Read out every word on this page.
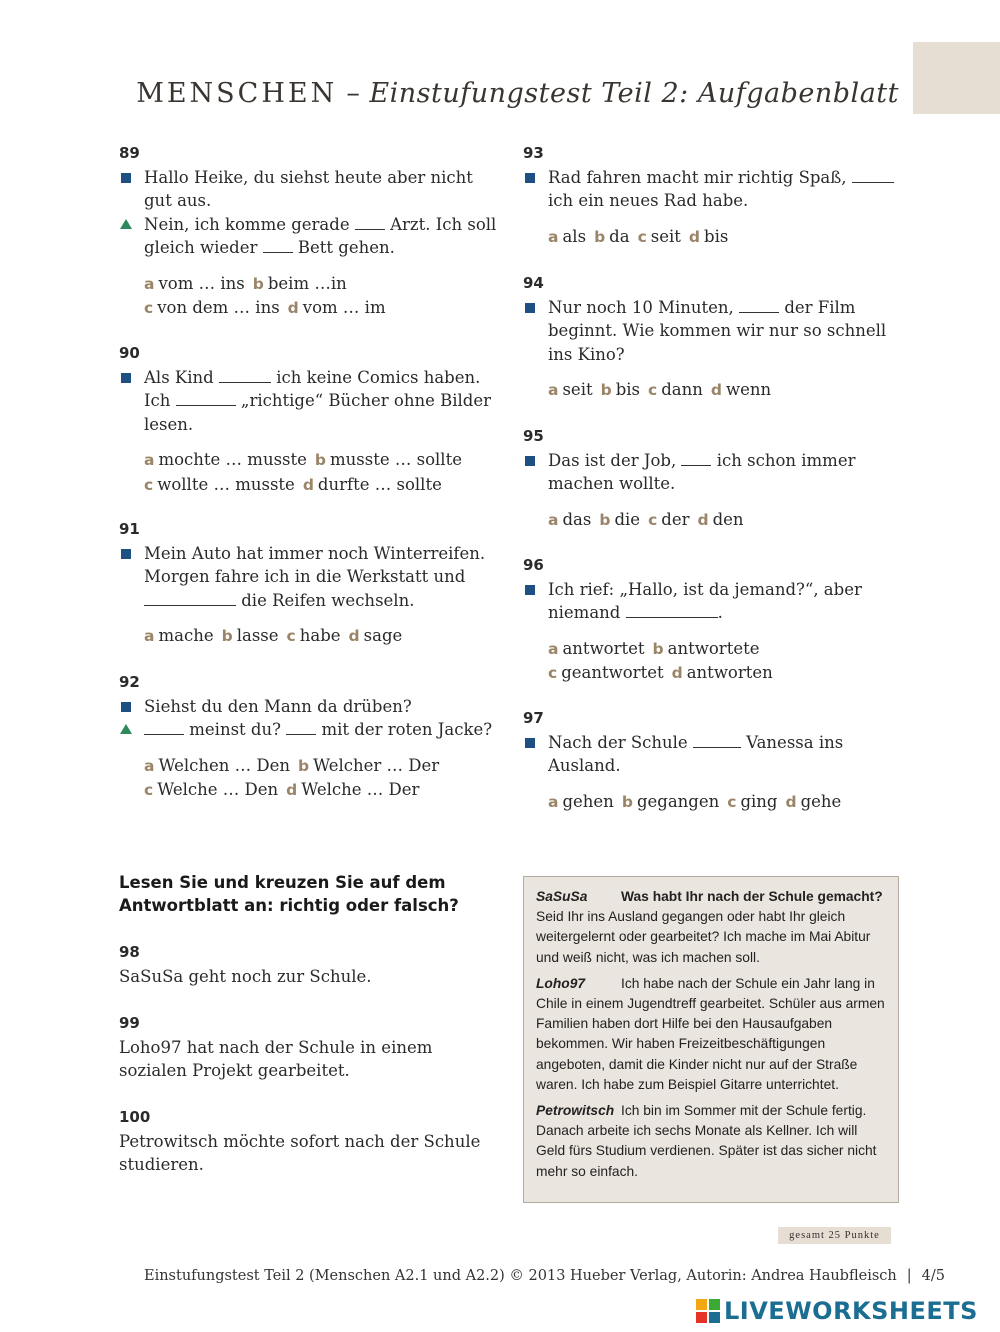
MENSCHEN – Einstufungstest Teil 2: Aufgabenblatt
89
Hallo Heike, du siehst heute aber nicht
gut aus.
Nein, ich komme gerade Arzt. Ich soll
gleich wieder Bett gehen.
a vom … ins b beim …in
c von dem … ins d vom … im
90
Als Kind	ich keine Comics haben.
Ich	„richtige“ Bücher ohne Bilder
lesen.
a mochte … musste b musste … sollte
c wollte … musste d durfte … sollte
91
Mein Auto hat immer noch Winterreifen.
Morgen fahre ich in die Werkstatt und
die Reifen wechseln.
a mache b lasse c habe d sage
92
Siehst du den Mann da drüben?
meinst du? mit der roten Jacke?
a Welchen … Den b Welcher … Der
c Welche … Den d Welche … Der
93
Rad fahren macht mir richtig Spaß,
ich ein neues Rad habe.
a als b da c seit d bis
94
Nur noch 10 Minuten,	der Film
beginnt. Wie kommen wir nur so schnell
ins Kino?
a seit b bis c dann d wenn
95
Das ist der Job, ich schon immer
machen wollte.
a das b die c der d den
96
Ich rief: „Hallo, ist da jemand?“, aber
niemand	.
a antwortet b antwortete
c geantwortet d antworten
97
Nach der Schule	Vanessa ins
Ausland.
a gehen b gegangen c ging d gehe
Lesen Sie und kreuzen Sie auf dem Antwortblatt an: richtig oder falsch?
98
SaSuSa geht noch zur Schule.
99
Loho97 hat nach der Schule in einem sozialen Projekt gearbeitet.
100
Petrowitsch möchte sofort nach der Schule studieren.
SaSuSa Was habt Ihr nach der Schule gemacht?
Seid Ihr ins Ausland gegangen oder habt Ihr gleich weitergelernt oder gearbeitet? Ich mache im Mai Abitur und weiß nicht, was ich machen soll.
Loho97	Ich habe nach der Schule ein Jahr lang in Chile in einem Jugendtreff gearbeitet. Schüler aus armen Familien haben dort Hilfe bei den Hausaufgaben bekommen. Wir haben Freizeitbeschäftigungen angeboten, damit die Kinder nicht nur auf der Straße waren. Ich habe zum Beispiel Gitarre unterrichtet.
Petrowitsch Ich bin im Sommer mit der Schule fertig. Danach arbeite ich sechs Monate als Kellner. Ich will Geld fürs Studium verdienen. Später ist das sicher nicht mehr so einfach.
gesamt 25 Punkte
Einstufungstest Teil 2 (Menschen A2.1 und A2.2) © 2013 Hueber Verlag, Autorin: Andrea Haubfleisch | 4/5
LIVEWORKSHEETS
